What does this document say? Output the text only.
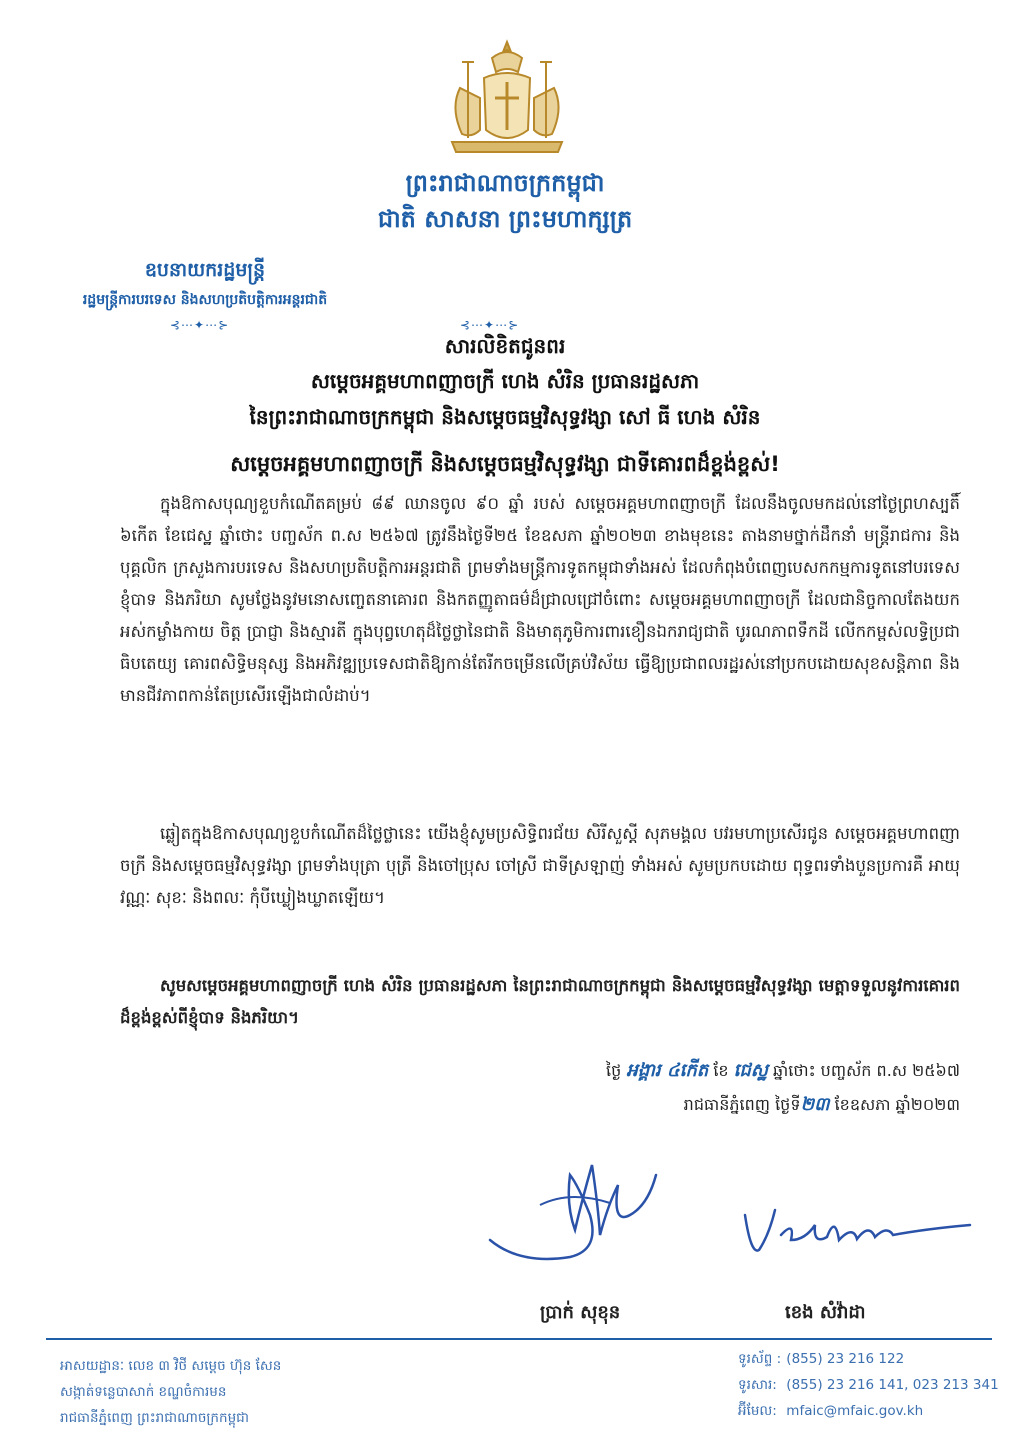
ព្រះរាជាណាចក្រកម្ពុជា
ជាតិ សាសនា ព្រះមហាក្សត្រ
⊰⋯✦⋯⊱
ឧបនាយករដ្ឋមន្ត្រី
រដ្ឋមន្ត្រីការបរទេស និងសហប្រតិបត្តិការអន្តរជាតិ
⊰⋯✦⋯⊱
សារលិខិតជូនពរ
សម្តេចអគ្គមហាពញាចក្រី ហេង សំរិន ប្រធានរដ្ឋសភា
នៃព្រះរាជាណាចក្រកម្ពុជា និងសម្តេចធម្មវិសុទ្ធវង្សា សៅ ធី ហេង សំរិន
សម្តេចអគ្គមហាពញាចក្រី និងសម្តេចធម្មវិសុទ្ធវង្សា ជាទីគោរពដ៏ខ្ពង់ខ្ពស់!
ក្នុងឱកាសបុណ្យខួបកំណើតគម្រប់ ៨៩ ឈានចូល ៩០ ឆ្នាំ របស់ សម្តេចអគ្គមហាពញាចក្រី ដែលនឹងចូលមកដល់នៅថ្ងៃព្រហស្បតិ៍ ៦កើត ខែជេស្ឋ ឆ្នាំថោះ បញ្ចស័ក ព.ស ២៥៦៧ ត្រូវនឹងថ្ងៃទី២៥ ខែឧសភា ឆ្នាំ២០២៣ ខាងមុខនេះ តាងនាមថ្នាក់ដឹកនាំ មន្ត្រីរាជការ និងបុគ្គលិក ក្រសួងការបរទេស និងសហប្រតិបត្តិការអន្តរជាតិ ព្រមទាំងមន្ត្រីការទូតកម្ពុជាទាំងអស់ ដែលកំពុងបំពេញបេសកកម្មការទូតនៅបរទេស ខ្ញុំបាទ និងភរិយា សូមថ្លែងនូវមនោសញ្ចេតនាគោរព និងកតញ្ញូតាធម៌ដ៏ជ្រាលជ្រៅចំពោះ សម្តេចអគ្គមហាពញាចក្រី ដែលជានិច្ចកាលតែងយកអស់កម្លាំងកាយ ចិត្ត ប្រាជ្ញា និងស្មារតី ក្នុងបុព្វហេតុដ៏ថ្លៃថ្លានៃជាតិ និងមាតុភូមិការពារខឿនឯករាជ្យជាតិ បូរណភាពទឹកដី លើកកម្ពស់លទ្ធិប្រជាធិបតេយ្យ គោរពសិទ្ធិមនុស្ស និងអភិវឌ្ឍប្រទេសជាតិឱ្យកាន់តែរីកចម្រើនលើគ្រប់វិស័យ ធ្វើឱ្យប្រជាពលរដ្ឋរស់នៅប្រកបដោយសុខសន្តិភាព និងមានជីវភាពកាន់តែប្រសើរឡើងជាលំដាប់។
ឆ្លៀតក្នុងឱកាសបុណ្យខួបកំណើតដ៏ថ្លៃថ្លានេះ យើងខ្ញុំសូមប្រសិទ្ធិពរជ័យ សិរីសួស្តី សុភមង្គល បវរមហាប្រសើរជូន សម្តេចអគ្គមហាពញាចក្រី និងសម្តេចធម្មវិសុទ្ធវង្សា ព្រមទាំងបុត្រា បុត្រី និងចៅប្រុស ចៅស្រី ជាទីស្រឡាញ់ ទាំងអស់ សូមប្រកបដោយ ពុទ្ធពរទាំងបួនប្រការគឺ អាយុ វណ្ណៈ សុខៈ និងពលៈ កុំបីឃ្លៀងឃ្លាតឡើយ។
សូមសម្តេចអគ្គមហាពញាចក្រី ហេង សំរិន ប្រធានរដ្ឋសភា នៃព្រះរាជាណាចក្រកម្ពុជា និងសម្តេចធម្មវិសុទ្ធវង្សា មេត្តាទទួលនូវការគោរពដ៏ខ្ពង់ខ្ពស់ពីខ្ញុំបាទ និងភរិយា។
ថ្ងៃ អង្គារ ៤កើត ខែ ជេស្ឋ ឆ្នាំថោះ បញ្ចស័ក ព.ស ២៥៦៧
រាជធានីភ្នំពេញ ថ្ងៃទី២៣ ខែឧសភា ឆ្នាំ២០២៣
ប្រាក់ សុខុន	ខេង សំវ៉ាដា
អាសយដ្ឋានៈ លេខ ៣ វិថី សម្តេច ហ៊ុន សែន
សង្កាត់ទន្លេបាសាក់ ខណ្ឌចំការមន
រាជធានីភ្នំពេញ ព្រះរាជាណាចក្រកម្ពុជា
ទូរស័ព្ទ : (855) 23 216 122
ទូរសារ: (855) 23 216 141, 023 213 341
អ៊ីមែល: mfaic@mfaic.gov.kh
